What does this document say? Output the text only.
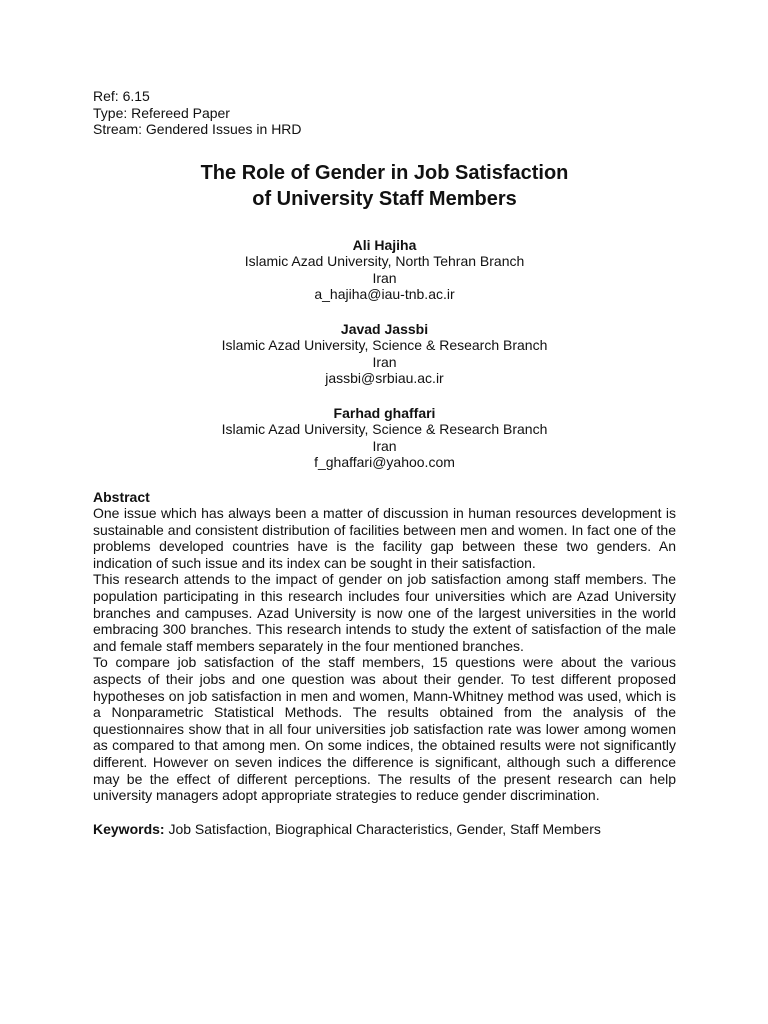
Ref: 6.15
Type: Refereed Paper
Stream: Gendered Issues in HRD
The Role of Gender in Job Satisfaction
of University Staff Members
Ali Hajiha
Islamic Azad University, North Tehran Branch
Iran
a_hajiha@iau-tnb.ac.ir
Javad Jassbi
Islamic Azad University, Science & Research Branch
Iran
jassbi@srbiau.ac.ir
Farhad ghaffari
Islamic Azad University, Science & Research Branch
Iran
f_ghaffari@yahoo.com
Abstract

One issue which has always been a matter of discussion in human resources development is sustainable and consistent distribution of facilities between men and women. In fact one of the problems developed countries have is the facility gap between these two genders. An indication of such issue and its index can be sought in their satisfaction.

This research attends to the impact of gender on job satisfaction among staff members. The population participating in this research includes four universities which are Azad University branches and campuses. Azad University is now one of the largest universities in the world embracing 300 branches. This research intends to study the extent of satisfaction of the male and female staff members separately in the four mentioned branches.

To compare job satisfaction of the staff members, 15 questions were about the various aspects of their jobs and one question was about their gender. To test different proposed hypotheses on job satisfaction in men and women, Mann-Whitney method was used, which is a Nonparametric Statistical Methods. The results obtained from the analysis of the questionnaires show that in all four universities job satisfaction rate was lower among women as compared to that among men. On some indices, the obtained results were not significantly different. However on seven indices the difference is significant, although such a difference may be the effect of different perceptions. The results of the present research can help university managers adopt appropriate strategies to reduce gender discrimination.

Keywords: Job Satisfaction, Biographical Characteristics, Gender, Staff Members
